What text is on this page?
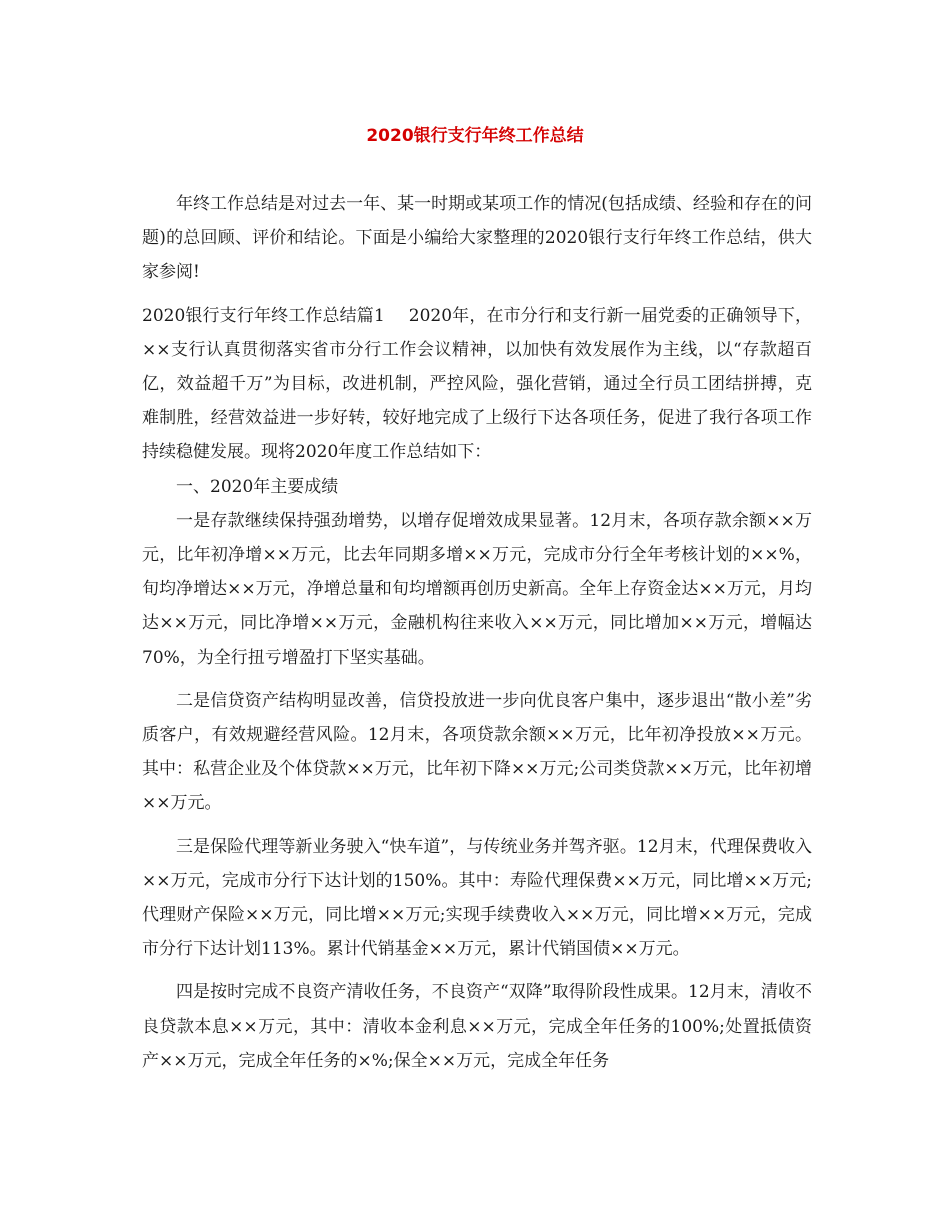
2020银行支行年终工作总结

年终工作总结是对过去一年、某一时期或某项工作的情况(包括成绩、经验和存在的问题)的总回顾、评价和结论。下面是小编给大家整理的2020银行支行年终工作总结，供大家参阅!

2020银行支行年终工作总结篇1 2020年，在市分行和支行新一届党委的正确领导下，××支行认真贯彻落实省市分行工作会议精神，以加快有效发展作为主线，以“存款超百亿，效益超千万”为目标，改进机制，严控风险，强化营销，通过全行员工团结拼搏，克难制胜，经营效益进一步好转，较好地完成了上级行下达各项任务，促进了我行各项工作持续稳健发展。现将2020年度工作总结如下：

一、2020年主要成绩

一是存款继续保持强劲增势，以增存促增效成果显著。12月末，各项存款余额××万元，比年初净增××万元，比去年同期多增××万元，完成市分行全年考核计划的××%，旬均净增达××万元，净增总量和旬均增额再创历史新高。全年上存资金达××万元，月均达××万元，同比净增××万元，金融机构往来收入××万元，同比增加××万元，增幅达70%，为全行扭亏增盈打下坚实基础。

二是信贷资产结构明显改善，信贷投放进一步向优良客户集中，逐步退出“散小差”劣质客户，有效规避经营风险。12月末，各项贷款余额××万元，比年初净投放××万元。其中：私营企业及个体贷款××万元，比年初下降××万元;公司类贷款××万元，比年初增××万元。

三是保险代理等新业务驶入“快车道”，与传统业务并驾齐驱。12月末，代理保费收入××万元，完成市分行下达计划的150%。其中：寿险代理保费××万元，同比增××万元;代理财产保险××万元，同比增××万元;实现手续费收入××万元，同比增××万元，完成市分行下达计划113%。累计代销基金××万元，累计代销国债××万元。

四是按时完成不良资产清收任务，不良资产“双降”取得阶段性成果。12月末，清收不良贷款本息××万元，其中：清收本金利息××万元，完成全年任务的100%;处置抵债资产××万元，完成全年任务的×%;保全××万元，完成全年任务
